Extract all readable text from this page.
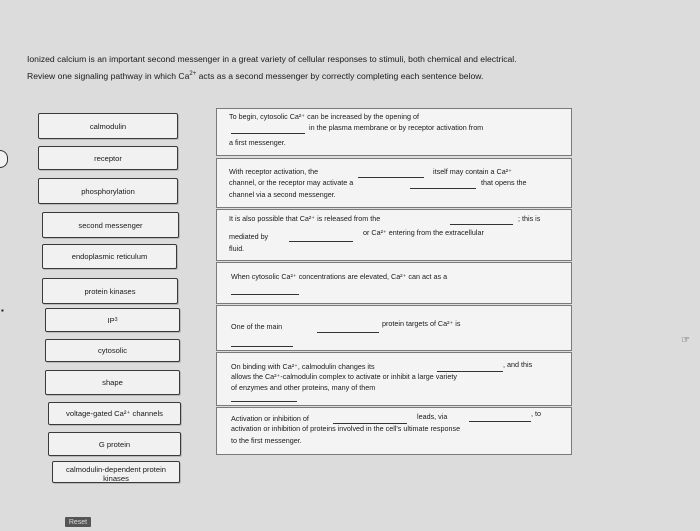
Ionized calcium is an important second messenger in a great variety of cellular responses to stimuli, both chemical and electrical.
Review one signaling pathway in which $Ca^{2+}$ acts as a second messenger by correctly completing each sentence below.
▪
calmodulin
receptor
phosphorylation
second messenger
endoplasmic reticulum
protein kinases
IP 3
cytosolic
shape
voltage-gated Ca²⁺ channels
G protein
calmodulin-dependent protein kinases
To begin, cytosolic Ca²⁺ can be increased by the opening of
in the plasma membrane or by receptor activation from
a first messenger.
With receptor activation, the	itself may contain a Ca²⁺
channel, or the receptor may activate a	that opens the
channel via a second messenger.
It is also possible that Ca²⁺ is released from the	; this is
mediated by	or Ca²⁺ entering from the extracellular
fluid.
When cytosolic Ca²⁺ concentrations are elevated, Ca²⁺ can act as a
One of the main	protein targets of Ca²⁺ is
On binding with Ca²⁺, calmodulin changes its	, and this
allows the Ca²⁺-calmodulin complex to activate or inhibit a large variety
of enzymes and other proteins, many of them
Activation or inhibition of	leads, via	, to
activation or inhibition of proteins involved in the cell's ultimate response
to the first messenger.
☞
Reset
